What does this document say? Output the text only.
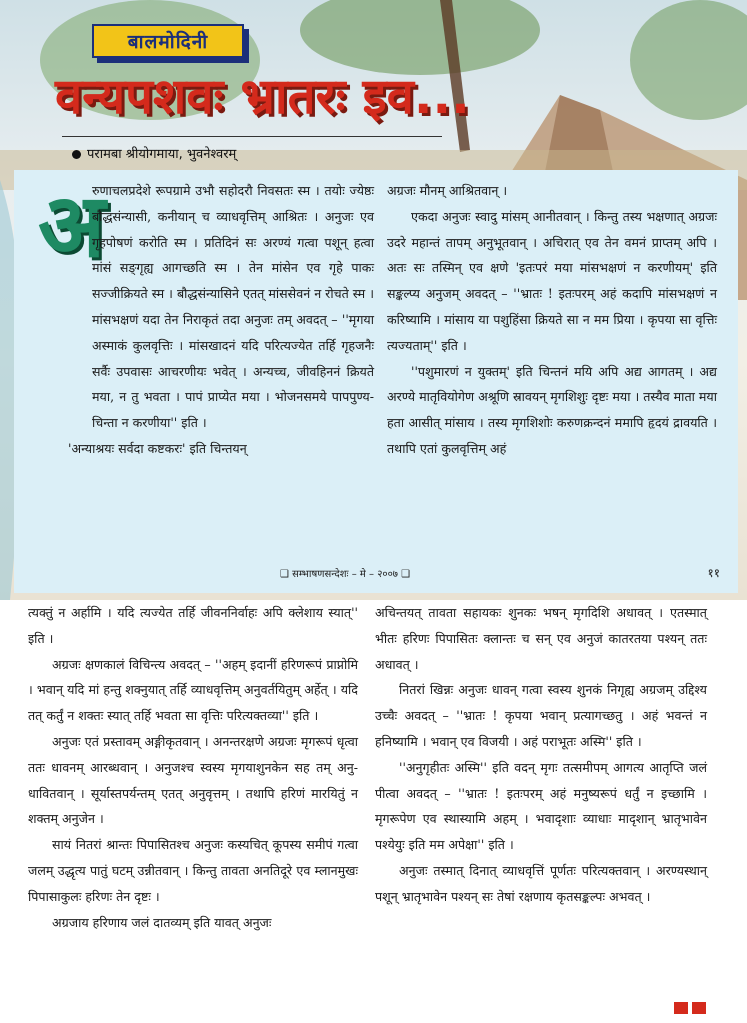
बालमोदिनी
वन्यपशवः भ्रातरः इव...
परामबा श्रीयोगमाया, भुवनेश्वरम्
अ

रुणाचलप्रदेशे रूपग्रामे उभौ सहोदरौ निवसतः स्म । तयोः ज्येष्ठः बौद्धसंन्यासी, कनीयान् च व्याधवृत्तिम् आश्रितः । अनुजः एव गृहपोषणं करोति स्म । प्रतिदिनं सः अरण्यं गत्वा पशून् हत्वा मांसं सङ्गृह्य आगच्छति स्म । तेन मांसेन एव गृहे पाकः सज्जीक्रियते स्म । बौद्धसंन्यासिने एतत् मांससेवनं न रोचते स्म । मांसभक्षणं यदा तेन निराकृतं तदा अनुजः तम् अवदत् – ''मृगया अस्माकं कुलवृत्तिः । मांसखादनं यदि परित्यज्येत तर्हि गृहजनैः सर्वैः उपवासः आचरणीयः भवेत् । अन्यच्च, जीवहिननं क्रियते मया, न तु भवता । पापं प्राप्येत मया । भोजनसमये पापपुण्य-चिन्ता न करणीया'' इति ।

'अन्याश्रयः सर्वदा कष्टकरः' इति चिन्तयन्

अग्रजः मौनम् आश्रितवान् ।

एकदा अनुजः स्वादु मांसम् आनीतवान् । किन्तु तस्य भक्षणात् अग्रजः उदरे महान्तं तापम् अनुभूतवान् । अचिरात् एव तेन वमनं प्राप्तम् अपि । अतः सः तस्मिन् एव क्षणे 'इतःपरं मया मांसभक्षणं न करणीयम्' इति सङ्कल्प्य अनुजम् अवदत् – ''भ्रातः ! इतःपरम् अहं कदापि मांसभक्षणं न करिष्यामि । मांसाय या पशुहिंसा क्रियते सा न मम प्रिया । कृपया सा वृत्तिः त्यज्यताम्'' इति ।

''पशुमारणं न युक्तम्' इति चिन्तनं मयि अपि अद्य आगतम् । अद्य अरण्ये मातृवियोगेण अश्रूणि स्रावयन् मृगशिशुः दृष्टः मया । तस्यैव माता मया हता आसीत् मांसाय । तस्य मृगशिशोः करुणक्रन्दनं ममापि हृदयं द्रावयति । तथापि एतां कुलवृत्तिम् अहं

❑ सम्भाषणसन्देशः – मे – २००७ ❑	११

त्यक्तुं न अर्हामि । यदि त्यज्येत तर्हि जीवननिर्वाहः अपि क्लेशाय स्यात्'' इति ।

अग्रजः क्षणकालं विचिन्त्य अवदत् – ''अहम् इदानीं हरिणरूपं प्राप्नोमि । भवान् यदि मां हन्तु शक्नुयात् तर्हि व्याधवृत्तिम् अनुवर्तयितुम् अर्हेत् । यदि तत् कर्तुं न शक्तः स्यात् तर्हि भवता सा वृत्तिः परित्यक्तव्या'' इति ।

अनुजः एतं प्रस्तावम् अङ्गीकृतवान् । अनन्तरक्षणे अग्रजः मृगरूपं धृत्वा ततः धावनम् आरब्धवान् । अनुजश्च स्वस्य मृगयाशुनकेन सह तम् अनु-धावितवान् । सूर्यास्तपर्यन्तम् एतत् अनुवृत्तम् । तथापि हरिणं मारयितुं न शक्तम् अनुजेन ।

सायं नितरां श्रान्तः पिपासितश्च अनुजः कस्यचित् कूपस्य समीपं गत्वा जलम् उद्धृत्य पातुं घटम् उन्नीतवान् । किन्तु तावता अनतिदूरे एव म्लानमुखः पिपासाकुलः हरिणः तेन दृष्टः ।

अग्रजाय हरिणाय जलं दातव्यम् इति यावत् अनुजः

अचिन्तयत् तावता सहायकः शुनकः भषन् मृगदिशि अधावत् । एतस्मात् भीतः हरिणः पिपासितः क्लान्तः च सन् एव अनुजं कातरतया पश्यन् ततः अधावत् ।

नितरां खिन्नः अनुजः धावन् गत्वा स्वस्य शुनकं निगृह्य अग्रजम् उद्दिश्य उच्चैः अवदत् – ''भ्रातः ! कृपया भवान् प्रत्यागच्छतु । अहं भवन्तं न हनिष्यामि । भवान् एव विजयी । अहं पराभूतः अस्मि'' इति ।

''अनुगृहीतः अस्मि'' इति वदन् मृगः तत्समीपम् आगत्य आतृप्ति जलं पीत्वा अवदत् – ''भ्रातः ! इतःपरम् अहं मनुष्यरूपं धर्तुं न इच्छामि । मृगरूपेण एव स्थास्यामि अहम् । भवादृशाः व्याधाः मादृशान् भ्रातृभावेन पश्येयुः इति मम अपेक्षा'' इति ।

अनुजः तस्मात् दिनात् व्याधवृत्तिं पूर्णतः परित्यक्तवान् । अरण्यस्थान् पशून् भ्रातृभावेन पश्यन् सः तेषां रक्षणाय कृतसङ्कल्पः अभवत् ।
